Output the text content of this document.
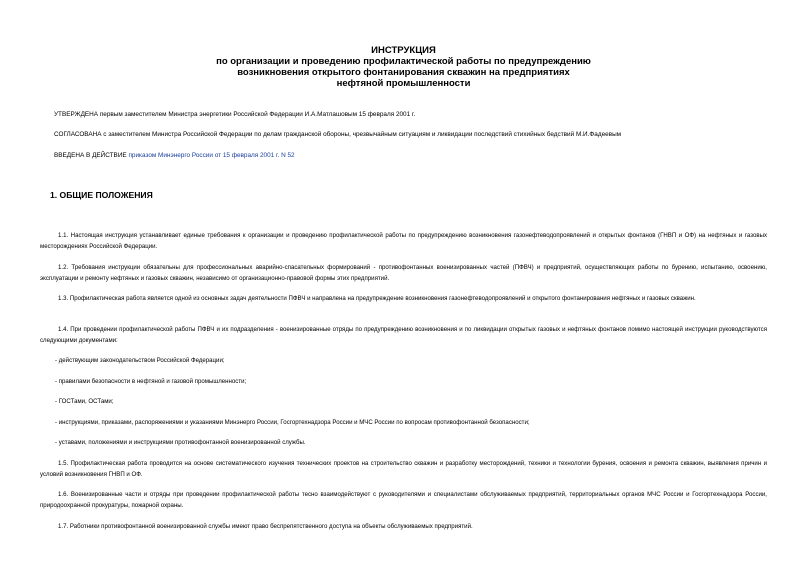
ИНСТРУКЦИЯ
по организации и проведению профилактической работы по предупреждению
возникновения открытого фонтанирования скважин на предприятиях
нефтяной промышленности
УТВЕРЖДЕНА первым заместителем Министра энергетики Российской Федерации И.А.Матлашовым 15 февраля 2001 г.
СОГЛАСОВАНА с заместителем Министра Российской Федерации по делам гражданской обороны, чрезвычайным ситуациям и ликвидации последствий стихийных бедствий М.И.Фадеевым
ВВЕДЕНА В ДЕЙСТВИЕ приказом Минэнерго России от 15 февраля 2001 г. N 52
1. ОБЩИЕ ПОЛОЖЕНИЯ
1.1. Настоящая инструкция устанавливает единые требования к организации и проведению профилактической работы по предупреждению возникновения газонефтеводопроявлений и открытых фонтанов (ГНВП и ОФ) на нефтяных и газовых месторождениях Российской Федерации.
1.2. Требования инструкции обязательны для профессиональных аварийно-спасательных формирований - противофонтанных военизированных частей (ПФВЧ) и предприятий, осуществляющих работы по бурению, испытанию, освоению, эксплуатации и ремонту нефтяных и газовых скважин, независимо от организационно-правовой формы этих предприятий.
1.3. Профилактическая работа является одной из основных задач деятельности ПФВЧ и направлена на предупреждение возникновения газонефтеводопроявлений и открытого фонтанирования нефтяных и газовых скважин.
1.4. При проведении профилактической работы ПФВЧ и их подразделения - военизированные отряды по предупреждению возникновения и по ликвидации открытых газовых и нефтяных фонтанов помимо настоящей инструкции руководствуются следующими документами:
- действующим законодательством Российской Федерации;
- правилами безопасности в нефтяной и газовой промышленности;
- ГОСТами, ОСТами;
- инструкциями, приказами, распоряжениями и указаниями Минэнерго России, Госгортехнадзора России и МЧС России по вопросам противофонтанной безопасности;
- уставами, положениями и инструкциями противофонтанной военизированной службы.
1.5. Профилактическая работа проводится на основе систематического изучения технических проектов на строительство скважин и разработку месторождений, техники и технологии бурения, освоения и ремонта скважин, выявления причин и условий возникновения ГНВП и ОФ.
1.6. Военизированные части и отряды при проведении профилактической работы тесно взаимодействуют с руководителями и специалистами обслуживаемых предприятий, территориальных органов МЧС России и Госгортехнадзора России, природоохранной прокуратуры, пожарной охраны.
1.7. Работники противофонтанной военизированной службы имеют право беспрепятственного доступа на объекты обслуживаемых предприятий.
